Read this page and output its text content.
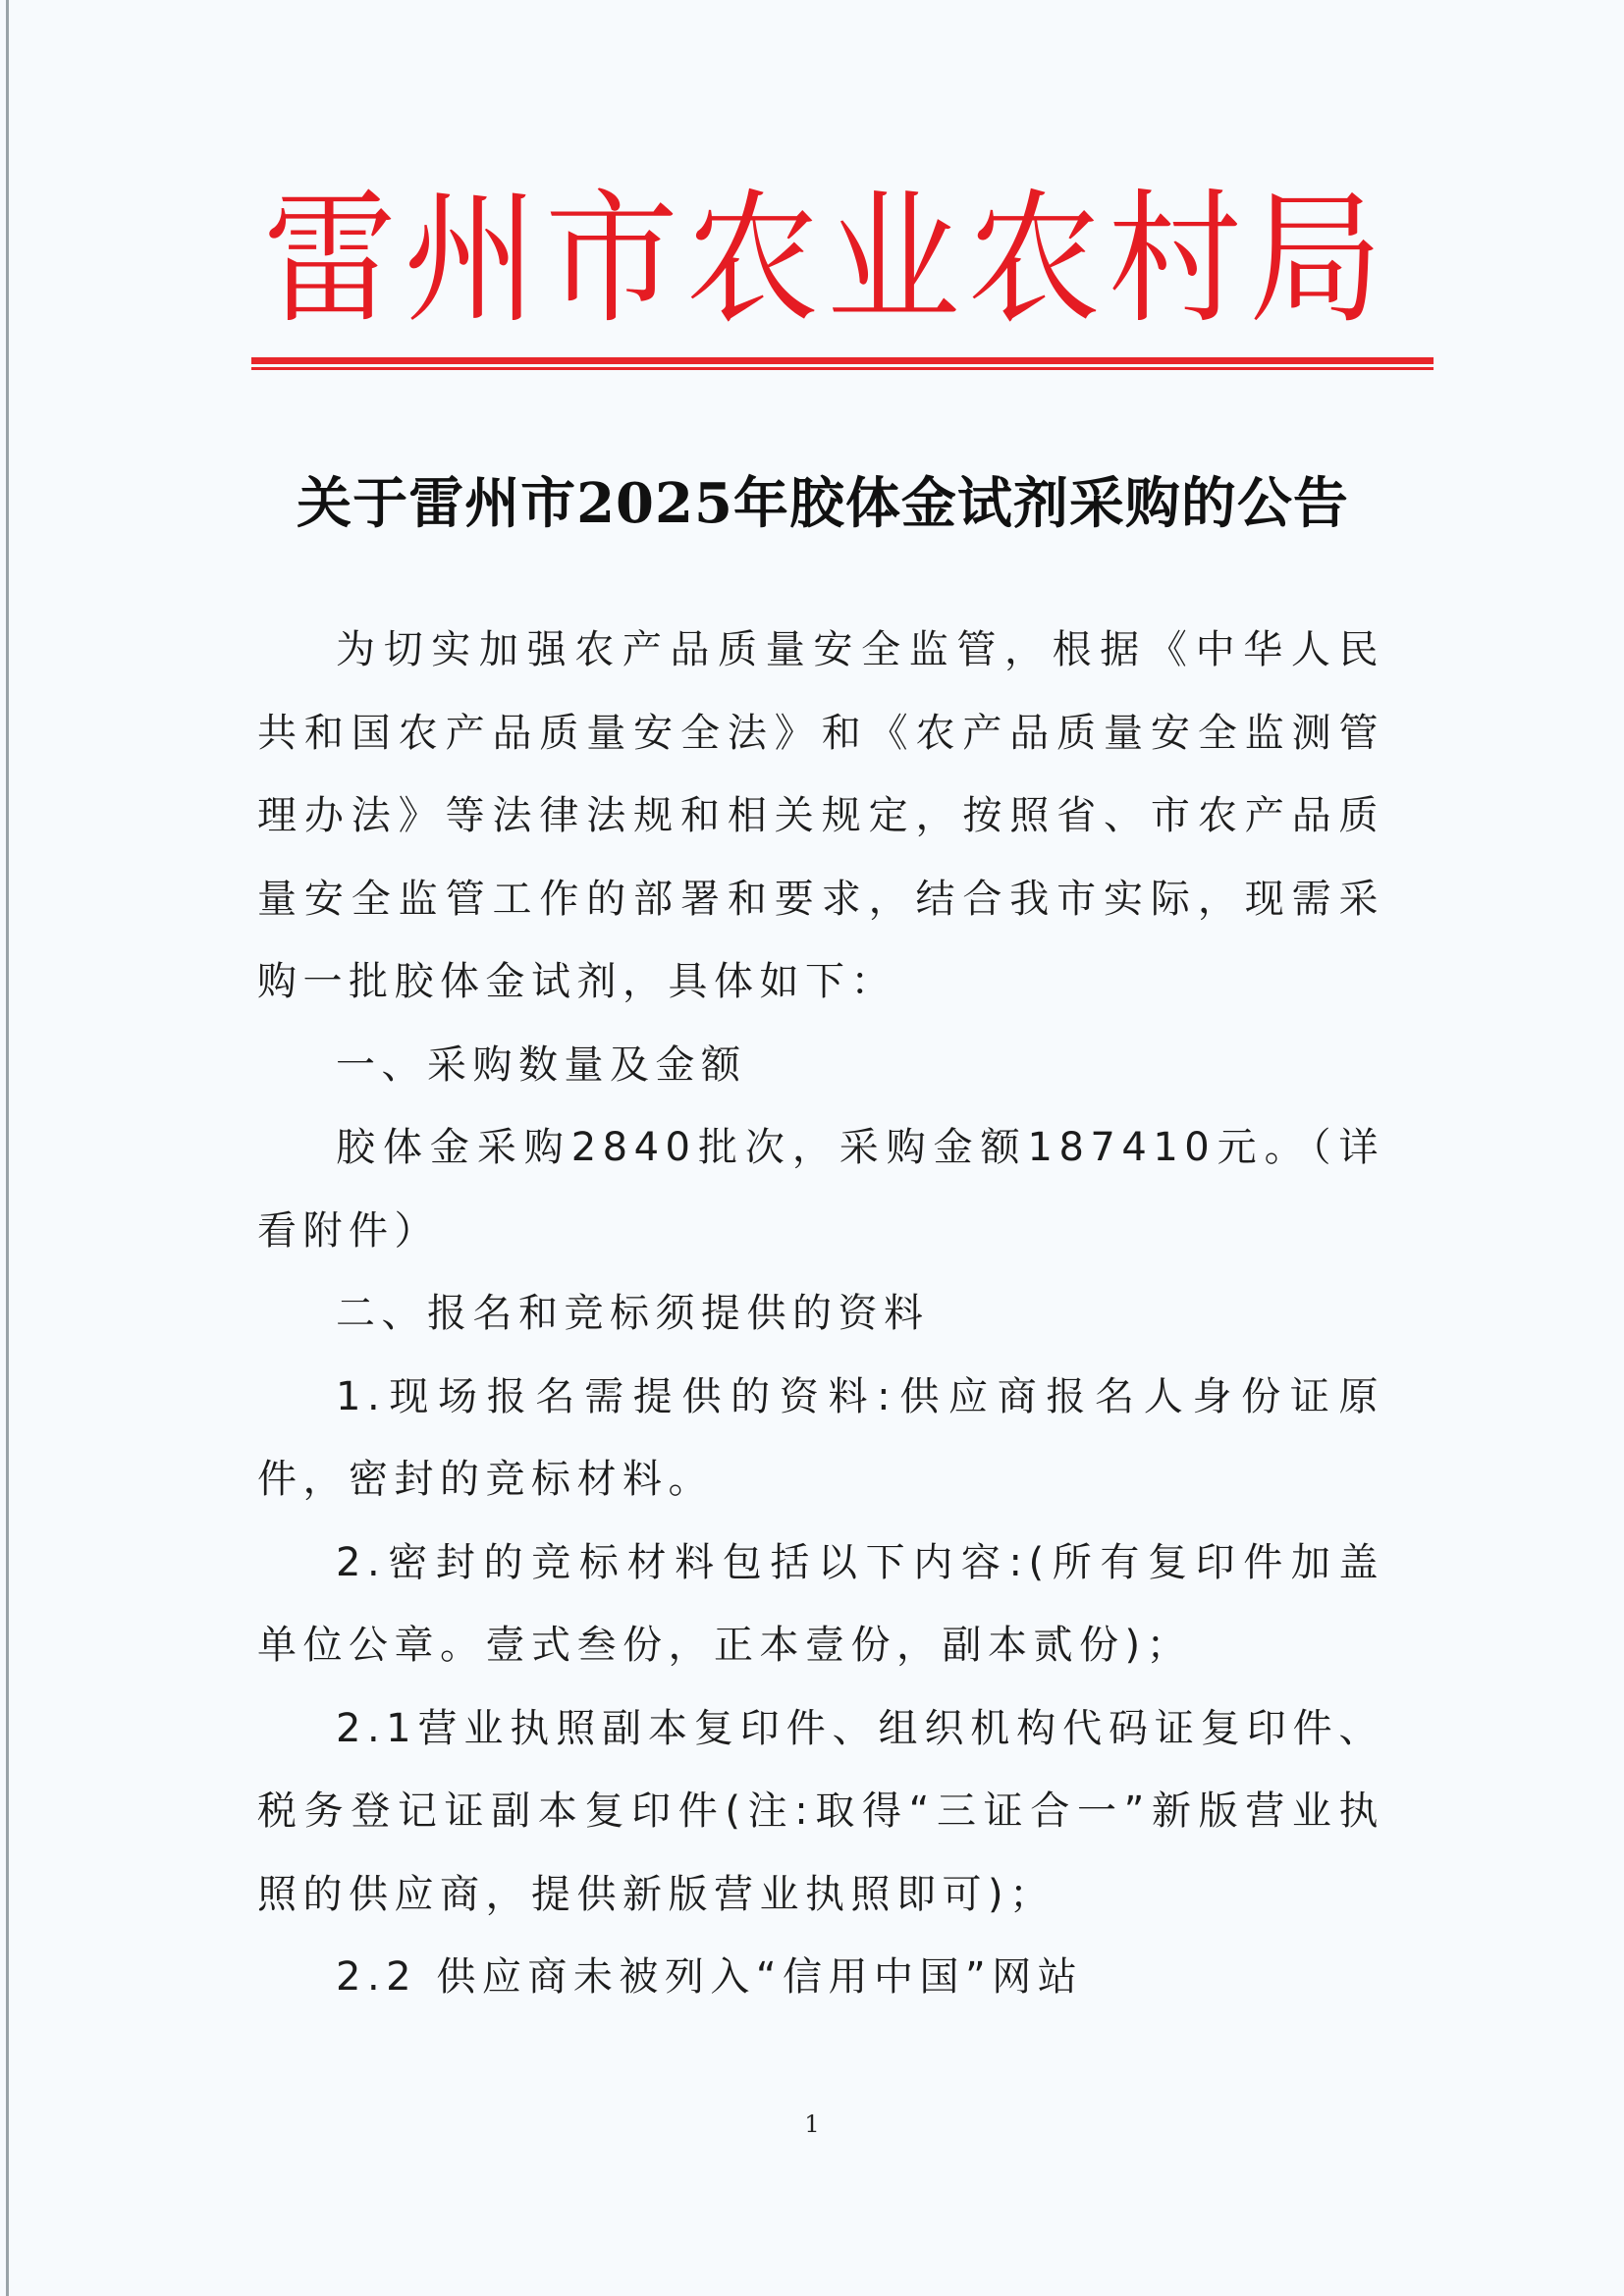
雷 州 市 农 业 农 村 局
关于雷州市2025年胶体金试剂采购的公告

为切实加强农产品质量安全监管，根据《中华人民共和国农产品质量安全法》和《农产品质量安全监测管理办法》等法律法规和相关规定，按照省、市农产品质量安全监管工作的部署和要求，结合我市实际，现需采购一批胶体金试剂，具体如下：

一、采购数量及金额

胶体金采购2840批次，采购金额187410元。（详看附件）

二、报名和竞标须提供的资料

1.现场报名需提供的资料:供应商报名人身份证原件，密封的竞标材料。

2.密封的竞标材料包括以下内容:(所有复印件加盖单位公章。壹式叁份，正本壹份，副本贰份)；

2.1营业执照副本复印件、组织机构代码证复印件、税务登记证副本复印件(注:取得“三证合一”新版营业执照的供应商，提供新版营业执照即可)；

2.2 供应商未被列入“信用中国”网站

1
